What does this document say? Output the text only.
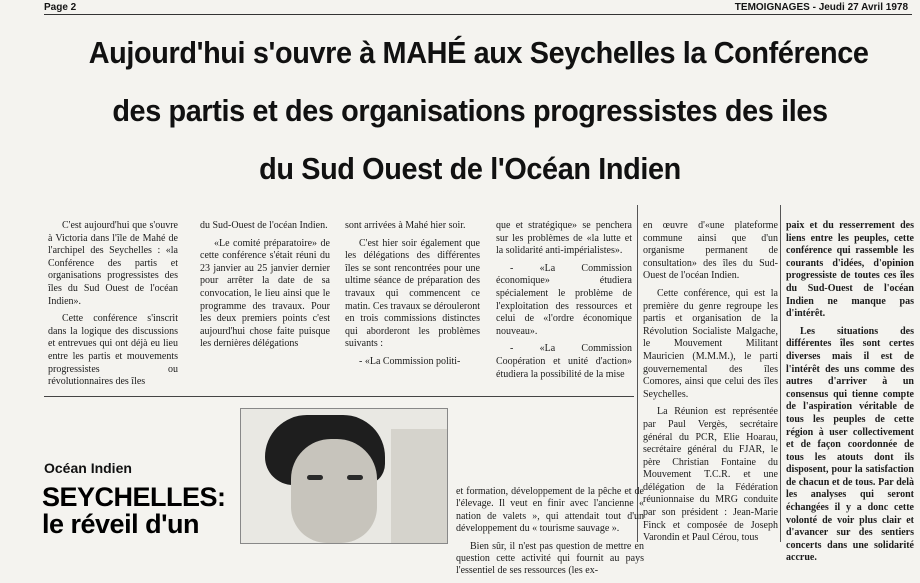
Page 2	TEMOIGNAGES - Jeudi 27 Avril 1978
Aujourd'hui s'ouvre à MAHÉ aux Seychelles la Conférence
des partis et des organisations progressistes des iles
du Sud Ouest de l'Océan Indien

C'est aujourd'hui que s'ouvre à Victoria dans l'île de Mahé de l'archipel des Seychelles : «la Conférence des partis et organisations progressistes des îles du Sud Ouest de l'océan Indien».

Cette conférence s'inscrit dans la logique des discussions et entrevues qui ont déjà eu lieu entre les partis et mouvements progressistes ou révolutionnaires des îles

du Sud-Ouest de l'océan Indien.

«Le comité préparatoire» de cette conférence s'était réuni du 23 janvier au 25 janvier dernier pour arrêter la date de sa convocation, le lieu ainsi que le programme des travaux. Pour les deux premiers points c'est aujourd'hui chose faite puisque les dernières délégations

sont arrivées à Mahé hier soir.

C'est hier soir également que les délégations des différentes îles se sont rencontrées pour une ultime séance de préparation des travaux qui commencent ce matin. Ces travaux se dérouleront en trois commissions distinctes qui aborderont les problèmes suivants :

- «La Commission politi-

que et stratégique» se penchera sur les problèmes de «la lutte et la solidarité anti-impérialistes».

- «La Commission économique» étudiera spécialement le problème de l'exploitation des ressources et celui de «l'ordre économique nouveau».

- «La Commission Coopération et unité d'action» étudiera la possibilité de la mise

en œuvre d'«une plateforme commune ainsi que d'un organisme permanent de consultation» des îles du Sud-Ouest de l'océan Indien.

Cette conférence, qui est la première du genre regroupe les partis et organisation de la Révolution Socialiste Malgache, le Mouvement Militant Mauricien (M.M.M.), le parti gouvernemental des îles Comores, ainsi que celui des îles Seychelles.

La Réunion est représentée par Paul Vergès, secrétaire général du PCR, Elie Hoarau, secrétaire général du FJAR, le père Christian Fontaine du Mouvement T.C.R. et une délégation de la Fédération réunionnaise du MRG conduite par son président : Jean-Marie Finck et composée de Joseph Varondin et Paul Cérou, tous

paix et du resserrement des liens entre les peuples, cette conférence qui rassemble les courants d'idées, d'opinion progressiste de toutes ces îles du Sud-Ouest de l'océan Indien ne manque pas d'intérêt.

Les situations des différentes îles sont certes diverses mais il est de l'intérêt des uns comme des autres d'arriver à un consensus qui tienne compte de l'aspiration véritable de tous les peuples de cette région à user collectivement et de façon coordonnée de tous les atouts dont ils disposent, pour la satisfaction de chacun et de tous. Par delà les analyses qui seront échangées il y a donc cette volonté de voir plus clair et d'avancer sur des sentiers concerts dans une solidarité accrue.

Océan Indien
SEYCHELLES:
le réveil d'un

et formation, développement de la pêche et de l'élevage. Il veut en finir avec l'ancienne « nation de valets », qui attendait tout d'un développement du « tourisme sauvage ».

Bien sûr, il n'est pas question de mettre en question cette activité qui fournit au pays l'essentiel de ses ressources (les ex-
